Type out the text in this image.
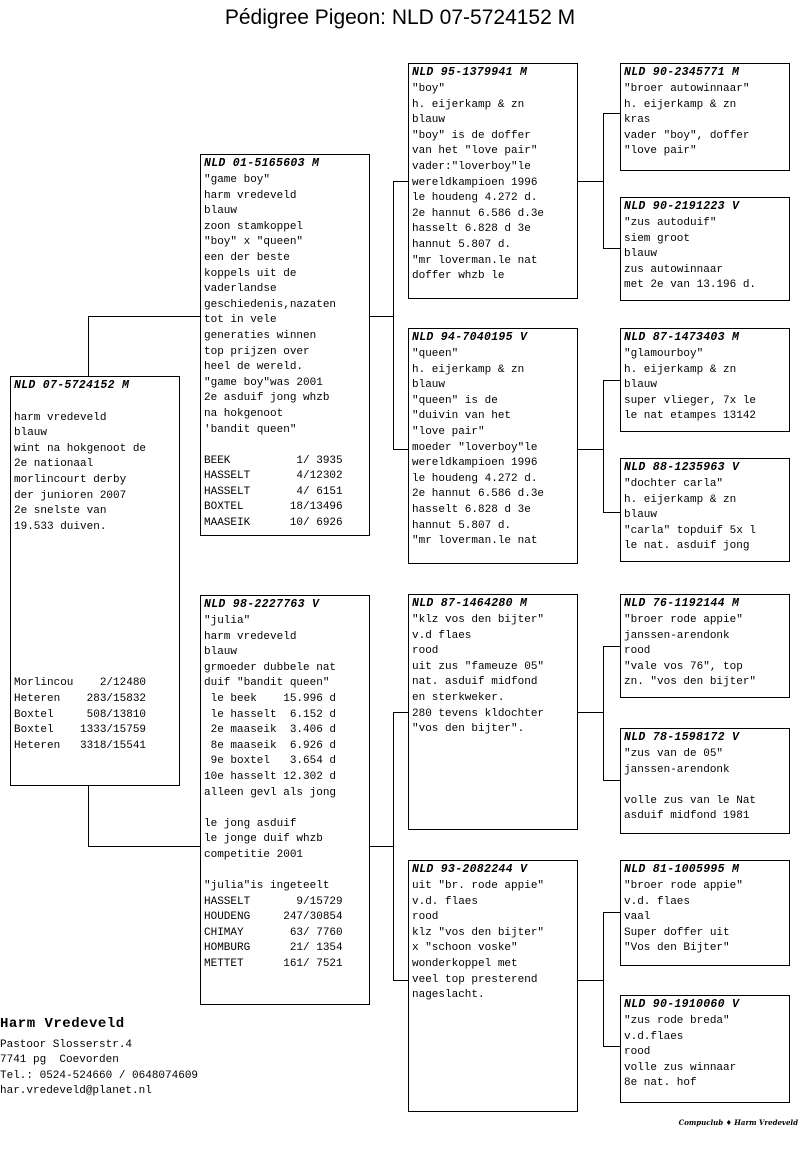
Pédigree Pigeon: NLD 07-5724152 M
NLD 07-5724152 M
harm vredeveld
blauw
wint na hokgenoot de
2e nationaal
morlincourt derby
der junioren 2007
2e snelste van
19.533 duiven.
Morlincou    2/12480
Heteren    283/15832
Boxtel     508/13810
Boxtel    1333/15759
Heteren   3318/15541
NLD 01-5165603 M
"game boy"
harm vredeveld
blauw
zoon stamkoppel
"boy" x "queen"
een der beste
koppels uit de
vaderlandse
geschiedenis,nazaten
tot in vele
generaties winnen
top prijzen over
heel de wereld.
"game boy"was 2001
2e asduif jong whzb
na hokgenoot
'bandit queen"
BEEK          1/ 3935
HASSELT       4/12302
HASSELT       4/ 6151
BOXTEL       18/13496
MAASEIK      10/ 6926
NLD 98-2227763 V
"julia"
harm vredeveld
blauw
grmoeder dubbele nat
duif "bandit queen"
le beek    15.996 d
le hasselt  6.152 d
2e maaseik  3.406 d
8e maaseik  6.926 d
9e boxtel   3.654 d
10e hasselt 12.302 d
alleen gevl als jong
le jong asduif
le jonge duif whzb
competitie 2001
"julia"is ingeteelt
HASSELT       9/15729
HOUDENG     247/30854
CHIMAY       63/ 7760
HOMBURG      21/ 1354
METTET      161/ 7521
NLD 95-1379941 M
"boy"
h. eijerkamp & zn
blauw
"boy" is de doffer
van het "love pair"
vader:"loverboy"le
wereldkampioen 1996
le houdeng 4.272 d.
2e hannut 6.586 d.3e
hasselt 6.828 d 3e
hannut 5.807 d.
"mr loverman.le nat
doffer whzb le
NLD 94-7040195 V
"queen"
h. eijerkamp & zn
blauw
"queen" is de
"duivin van het
"love pair"
moeder "loverboy"le
wereldkampioen 1996
le houdeng 4.272 d.
2e hannut 6.586 d.3e
hasselt 6.828 d 3e
hannut 5.807 d.
"mr loverman.le nat
NLD 87-1464280 M
"klz vos den bijter"
v.d flaes
rood
uit zus "fameuze 05"
nat. asduif midfond
en sterkweker.
280 tevens kldochter
"vos den bijter".
NLD 93-2082244 V
uit "br. rode appie"
v.d. flaes
rood
klz "vos den bijter"
x "schoon voske"
wonderkoppel met
veel top presterend
nageslacht.
NLD 90-2345771 M
"broer autowinnaar"
h. eijerkamp & zn
kras
vader "boy", doffer
"love pair"
NLD 90-2191223 V
"zus autoduif"
siem groot
blauw
zus autowinnaar
met 2e van 13.196 d.
NLD 87-1473403 M
"glamourboy"
h. eijerkamp & zn
blauw
super vlieger, 7x le
le nat etampes 13142
NLD 88-1235963 V
"dochter carla"
h. eijerkamp & zn
blauw
"carla" topduif 5x l
le nat. asduif jong
NLD 76-1192144 M
"broer rode appie"
janssen-arendonk
rood
"vale vos 76", top
zn. "vos den bijter"
NLD 78-1598172 V
"zus van de 05"
janssen-arendonk
volle zus van le Nat
asduif midfond 1981
NLD 81-1005995 M
"broer rode appie"
v.d. flaes
vaal
Super doffer uit
"Vos den Bijter"
NLD 90-1910060 V
"zus rode breda"
v.d.flaes
rood
volle zus winnaar
8e nat. hof
Harm Vredeveld
Pastoor Slosserstr.4
7741 pg  Coevorden
Tel.: 0524-524660 / 0648074609
har.vredeveld@planet.nl
Compuclub ♦ Harm Vredeveld
